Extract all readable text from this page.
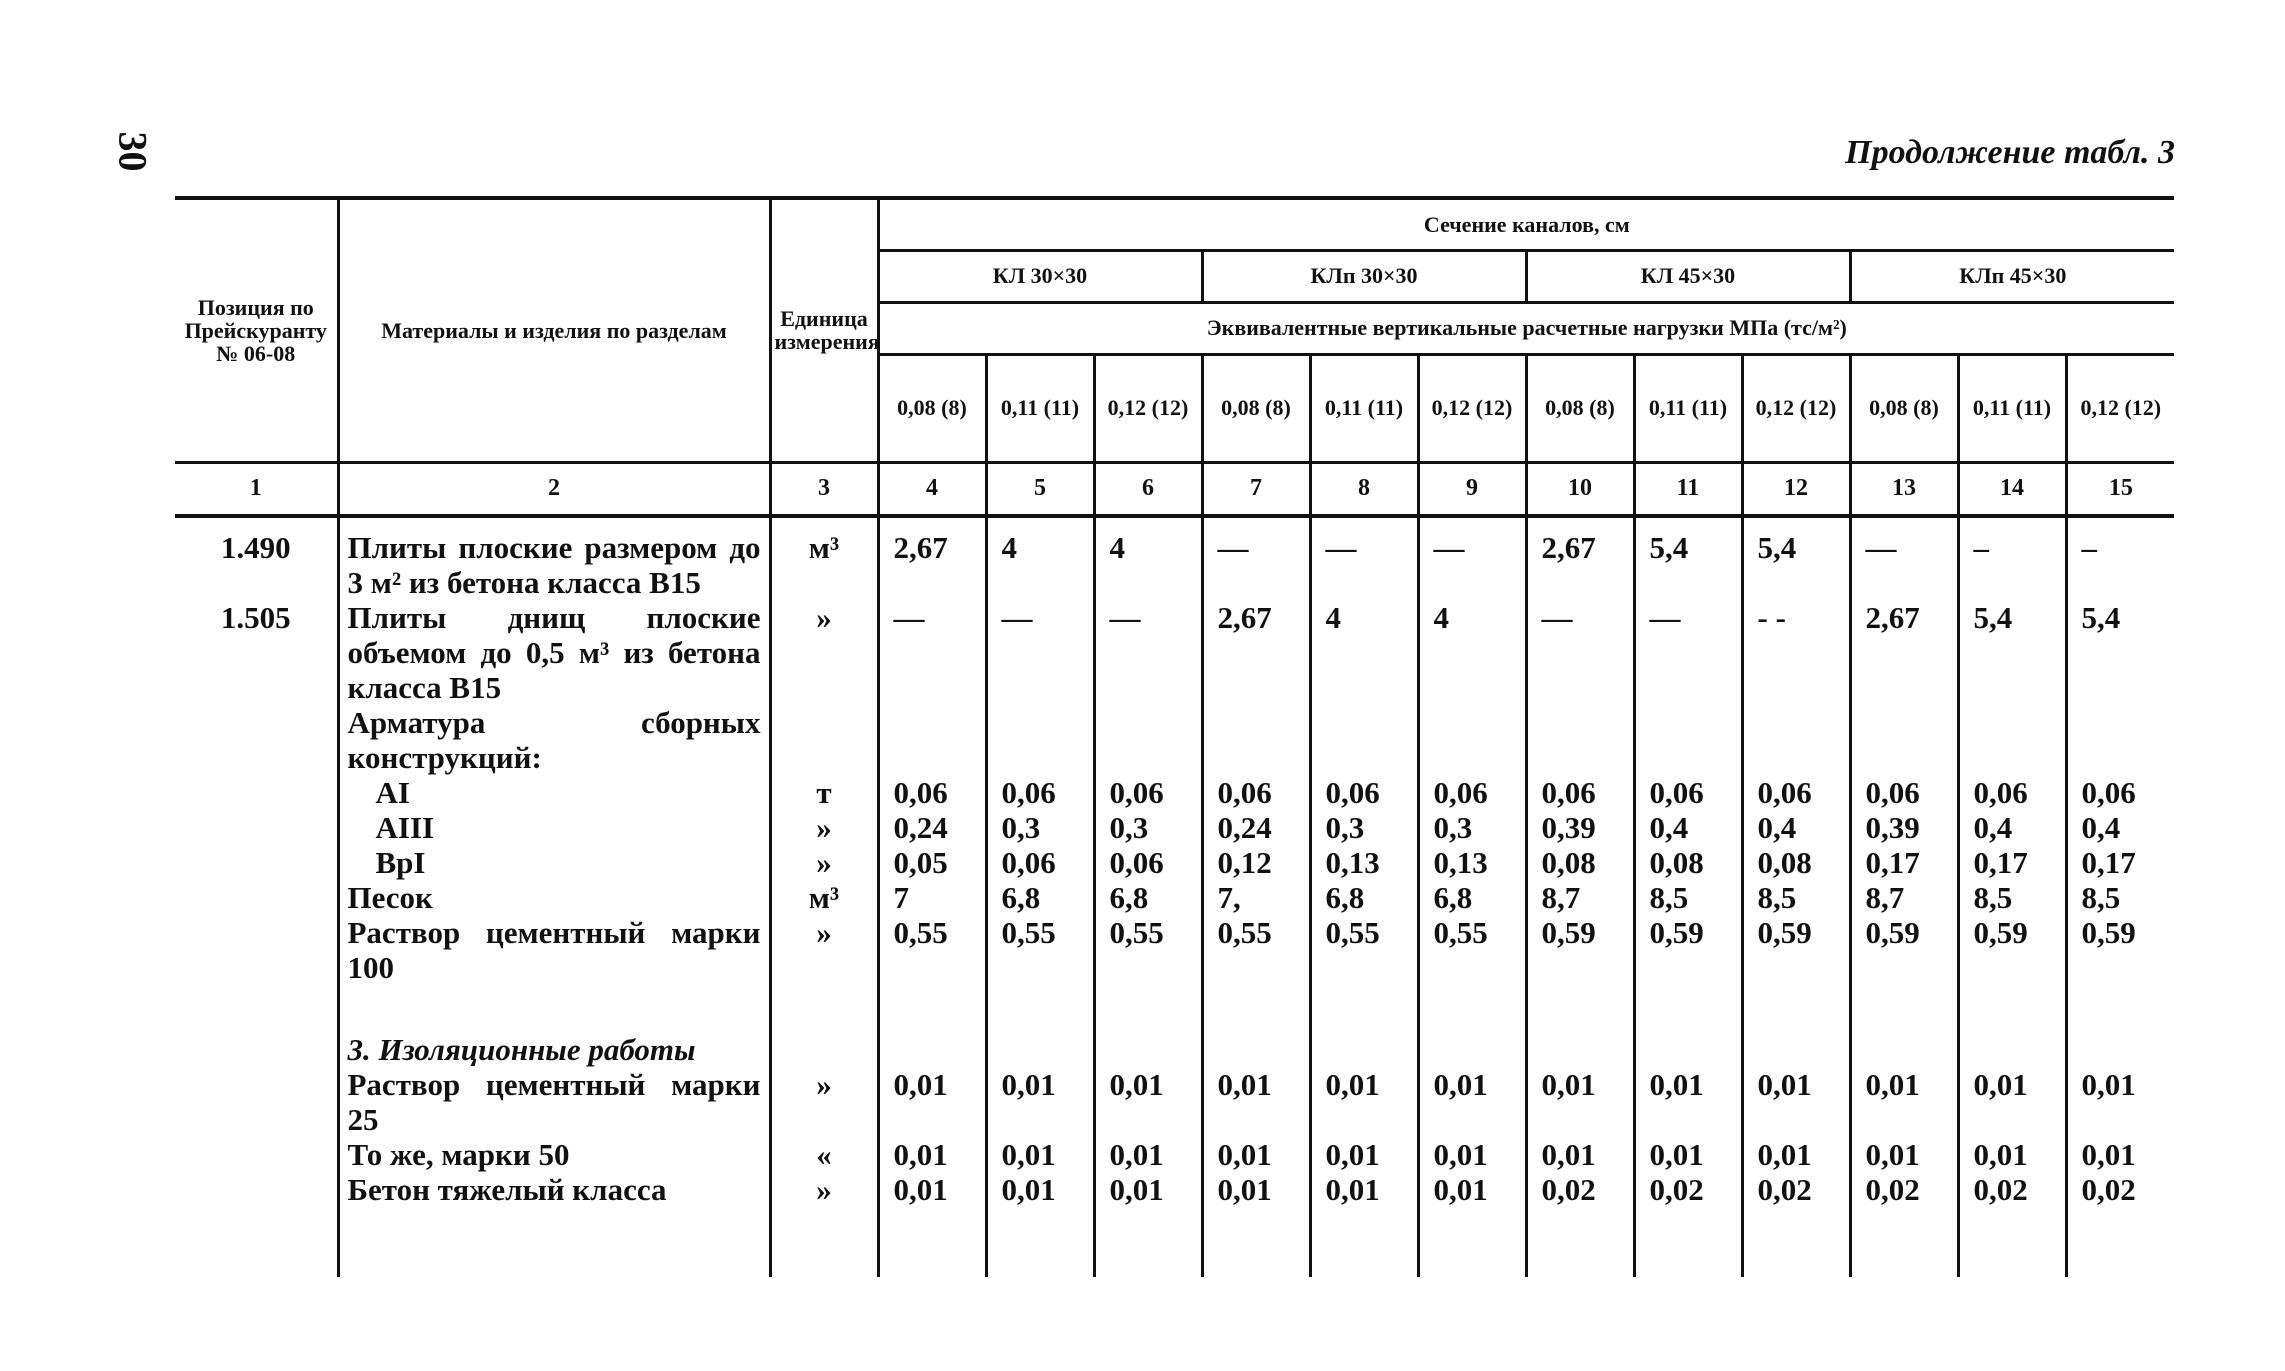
30	Продолжение табл. 3
Позиция по Прейскуранту № 06-08	Материалы и изделия по разделам	Единица измерения	Сечение каналов, см											
			КЛ 30×30			КЛп 30×30			КЛ 45×30			КЛп 45×30		
			Эквивалентные вертикальные расчетные нагрузки МПа (тс/м²)											
			0,08 (8)	0,11 (11)	0,12 (12)	0,08 (8)	0,11 (11)	0,12 (12)	0,08 (8)	0,11 (11)	0,12 (12)	0,08 (8)	0,11 (11)	0,12 (12)
1	2	3	4	5	6	7	8	9	10	11	12	13	14	15

1.490	Плиты плоские размером до 3 м² из бетона класса В15	м³	2,67	4	4	—	—	—	2,67	5,4	5,4	—	–	–
1.505	Плиты днищ плоские объемом до 0,5 м³ из бетона класса В15	»	—	—	—	2,67	4	4	—	—	- -	2,67	5,4	5,4
	Арматура сборных конструкций:													
	AI	т	0,06	0,06	0,06	0,06	0,06	0,06	0,06	0,06	0,06	0,06	0,06	0,06
	AIII	»	0,24	0,3	0,3	0,24	0,3	0,3	0,39	0,4	0,4	0,39	0,4	0,4
	BpI	»	0,05	0,06	0,06	0,12	0,13	0,13	0,08	0,08	0,08	0,17	0,17	0,17
	Песок	м³	7	6,8	6,8	7,	6,8	6,8	8,7	8,5	8,5	8,7	8,5	8,5
	Раствор цементный марки 100	»	0,55	0,55	0,55	0,55	0,55	0,55	0,59	0,59	0,59	0,59	0,59	0,59
	3. Изоляционные работы													
	Раствор цементный марки 25	»	0,01	0,01	0,01	0,01	0,01	0,01	0,01	0,01	0,01	0,01	0,01	0,01
	То же, марки 50	«	0,01	0,01	0,01	0,01	0,01	0,01	0,01	0,01	0,01	0,01	0,01	0,01
	Бетон тяжелый класса	»	0,01	0,01	0,01	0,01	0,01	0,01	0,02	0,02	0,02	0,02	0,02	0,02
